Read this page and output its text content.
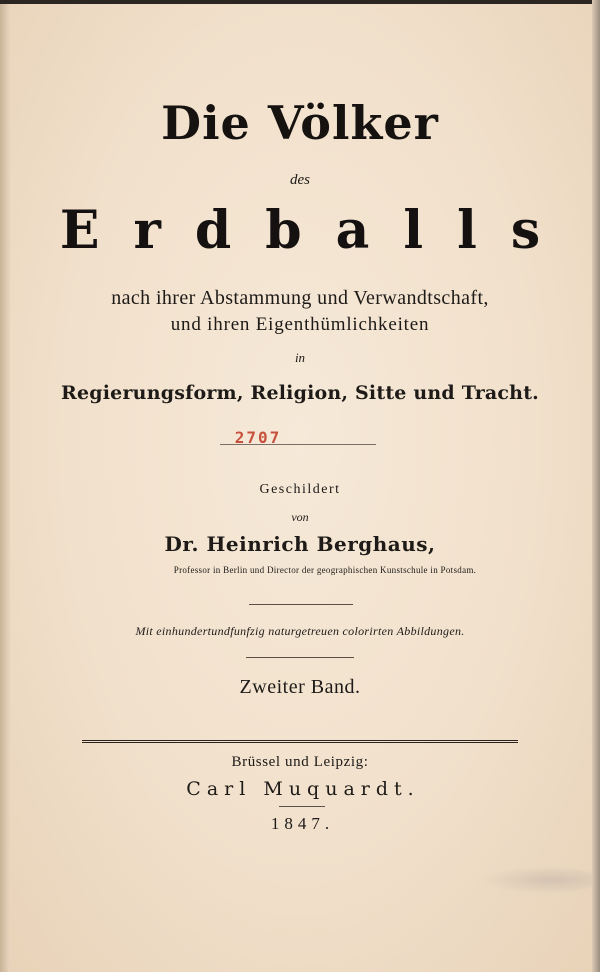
Die Völker
des
Erdballs
nach ihrer Abstammung und Verwandtschaft,
und ihren Eigenthümlichkeiten
in
Regierungsform, Religion, Sitte und Tracht.
2707
Geschildert
von
Dr. Heinrich Berghaus,
Professor in Berlin und Director der geographischen Kunstschule in Potsdam.
Mit einhundertundfunfzig naturgetreuen colorirten Abbildungen.
Zweiter Band.
Brüssel und Leipzig:
Carl Muquardt.
1847.
